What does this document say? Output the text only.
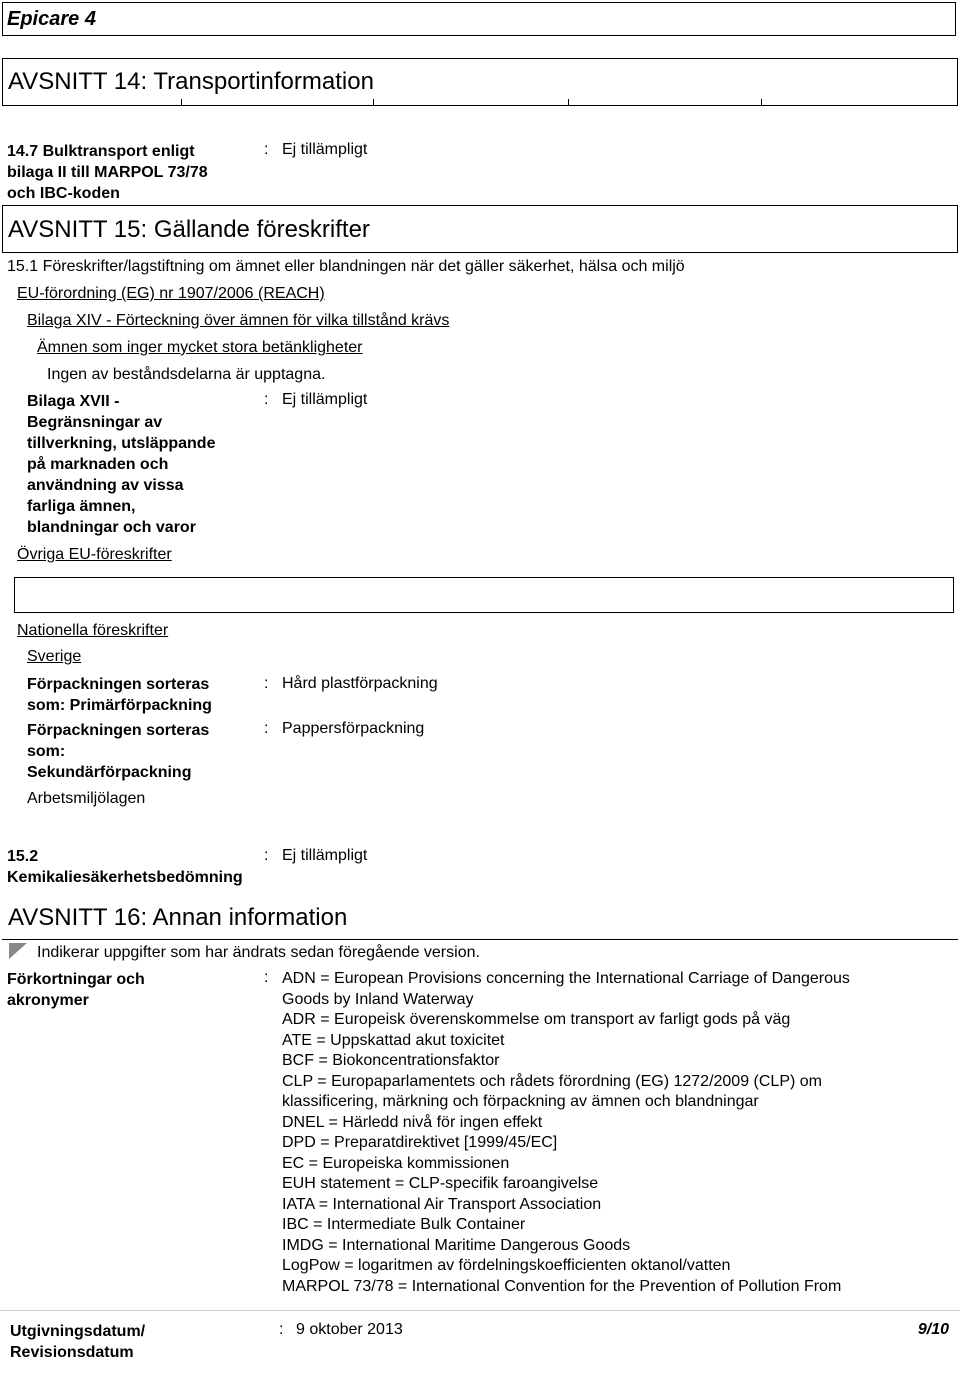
Epicare 4
AVSNITT 14: Transportinformation
14.7 Bulktransport enligt
bilaga II till MARPOL 73/78
och IBC-koden
: Ej tillämpligt
AVSNITT 15: Gällande föreskrifter
15.1 Föreskrifter/lagstiftning om ämnet eller blandningen när det gäller säkerhet, hälsa och miljö
EU-förordning (EG) nr 1907/2006 (REACH)
Bilaga XIV - Förteckning över ämnen för vilka tillstånd krävs
Ämnen som inger mycket stora betänkligheter
Ingen av beståndsdelarna är upptagna.
Bilaga XVII -
Begränsningar av
tillverkning, utsläppande
på marknaden och
användning av vissa
farliga ämnen,
blandningar och varor
: Ej tillämpligt
Övriga EU-föreskrifter
Nationella föreskrifter
Sverige
Förpackningen sorteras
som: Primärförpackning
: Hård plastförpackning
Förpackningen sorteras
som:
Sekundärförpackning
: Pappersförpackning
Arbetsmiljölagen
15.2
Kemikaliesäkerhetsbedömning
: Ej tillämpligt
AVSNITT 16: Annan information
Indikerar uppgifter som har ändrats sedan föregående version.
Förkortningar och
akronymer
: ADN = European Provisions concerning the International Carriage of Dangerous
Goods by Inland Waterway
ADR = Europeisk överenskommelse om transport av farligt gods på väg
ATE = Uppskattad akut toxicitet
BCF = Biokoncentrationsfaktor
CLP = Europaparlamentets och rådets förordning (EG) 1272/2009 (CLP) om
klassificering, märkning och förpackning av ämnen och blandningar
DNEL = Härledd nivå för ingen effekt
DPD = Preparatdirektivet [1999/45/EC]
EC = Europeiska kommissionen
EUH statement = CLP-specifik faroangivelse
IATA = International Air Transport Association
IBC = Intermediate Bulk Container
IMDG = International Maritime Dangerous Goods
LogPow = logaritmen av fördelningskoefficienten oktanol/vatten
MARPOL 73/78 = International Convention for the Prevention of Pollution From
Utgivningsdatum/
Revisionsdatum
: 9 oktober 2013	9/10
